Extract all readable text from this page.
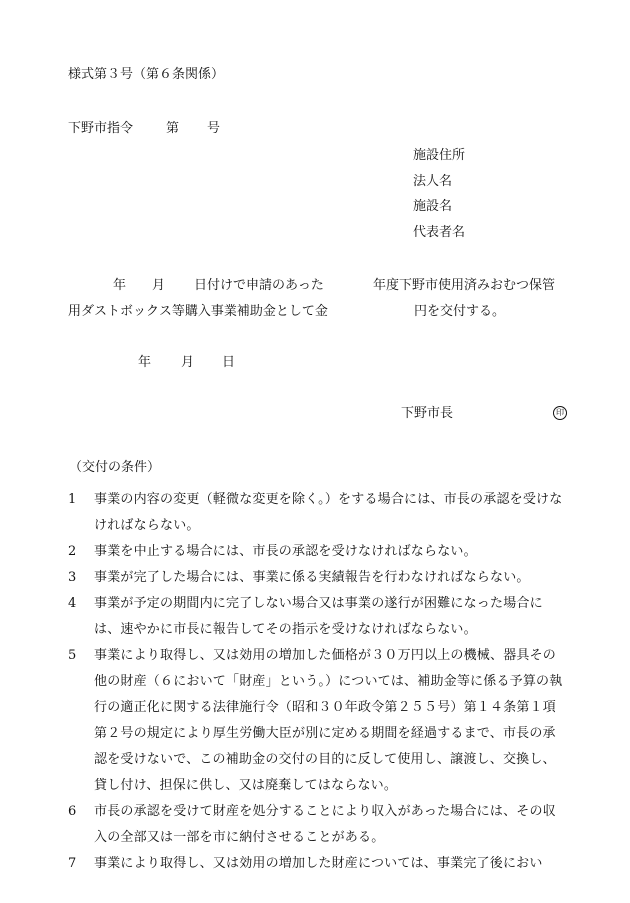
様式第３号（第６条関係）
下野市指令	第 号
施設住所
法人名
施設名
代表者名
年 月 日付けで申請のあった	年度下野市使用済みおむつ保管
用ダストボックス等購入事業補助金として金	円を交付する。
年 月 日
下野市長	印
（交付の条件）
1 事業の内容の変更（軽微な変更を除く。）をする場合には、市長の承認を受けなければならない。
2 事業を中止する場合には、市長の承認を受けなければならない。
3 事業が完了した場合には、事業に係る実績報告を行わなければならない。
4 事業が予定の期間内に完了しない場合又は事業の遂行が困難になった場合には、速やかに市長に報告してその指示を受けなければならない。
5 事業により取得し、又は効用の増加した価格が３０万円以上の機械、器具その他の財産（６において「財産」という。）については、補助金等に係る予算の執行の適正化に関する法律施行令（昭和３０年政令第２５５号）第１４条第１項第２号の規定により厚生労働大臣が別に定める期間を経過するまで、市長の承認を受けないで、この補助金の交付の目的に反して使用し、譲渡し、交換し、貸し付け、担保に供し、又は廃棄してはならない。
6 市長の承認を受けて財産を処分することにより収入があった場合には、その収入の全部又は一部を市に納付させることがある。
7 事業により取得し、又は効用の増加した財産については、事業完了後におい
